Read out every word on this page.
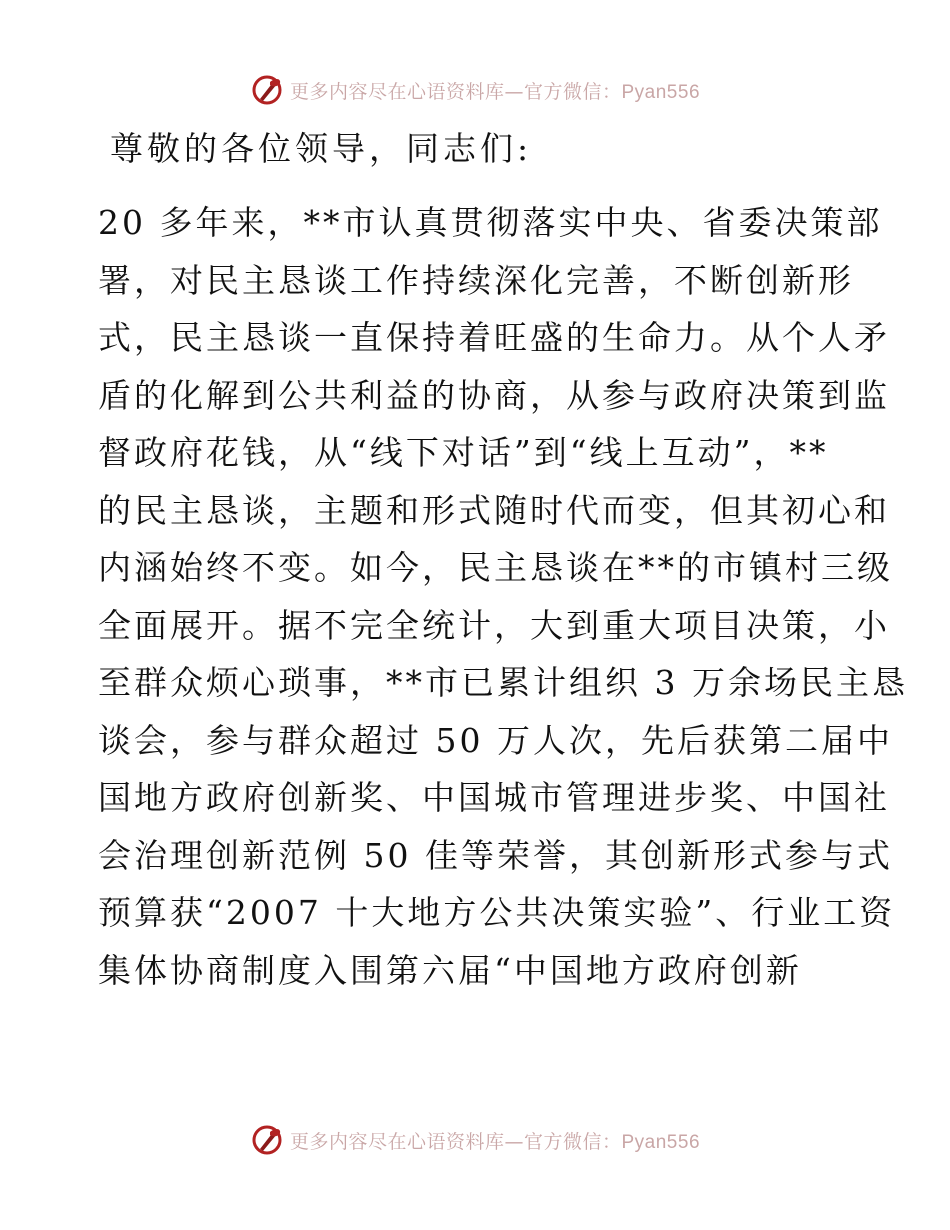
更多内容尽在心语资料库—官方微信：Pyan556
尊敬的各位领导，同志们:
20 多年来，**市认真贯彻落实中央、省委决策部
署，对民主恳谈工作持续深化完善，不断创新形
式，民主恳谈一直保持着旺盛的生命力。从个人矛
盾的化解到公共利益的协商，从参与政府决策到监
督政府花钱，从“线下对话”到“线上互动”，**
的民主恳谈，主题和形式随时代而变，但其初心和
内涵始终不变。如今，民主恳谈在**的市镇村三级
全面展开。据不完全统计，大到重大项目决策，小
至群众烦心琐事，**市已累计组织 3 万余场民主恳
谈会，参与群众超过 50 万人次，先后获第二届中
国地方政府创新奖、中国城市管理进步奖、中国社
会治理创新范例 50 佳等荣誉，其创新形式参与式
预算获“2007 十大地方公共决策实验”、行业工资
集体协商制度入围第六届“中国地方政府创新
更多内容尽在心语资料库—官方微信：Pyan556
